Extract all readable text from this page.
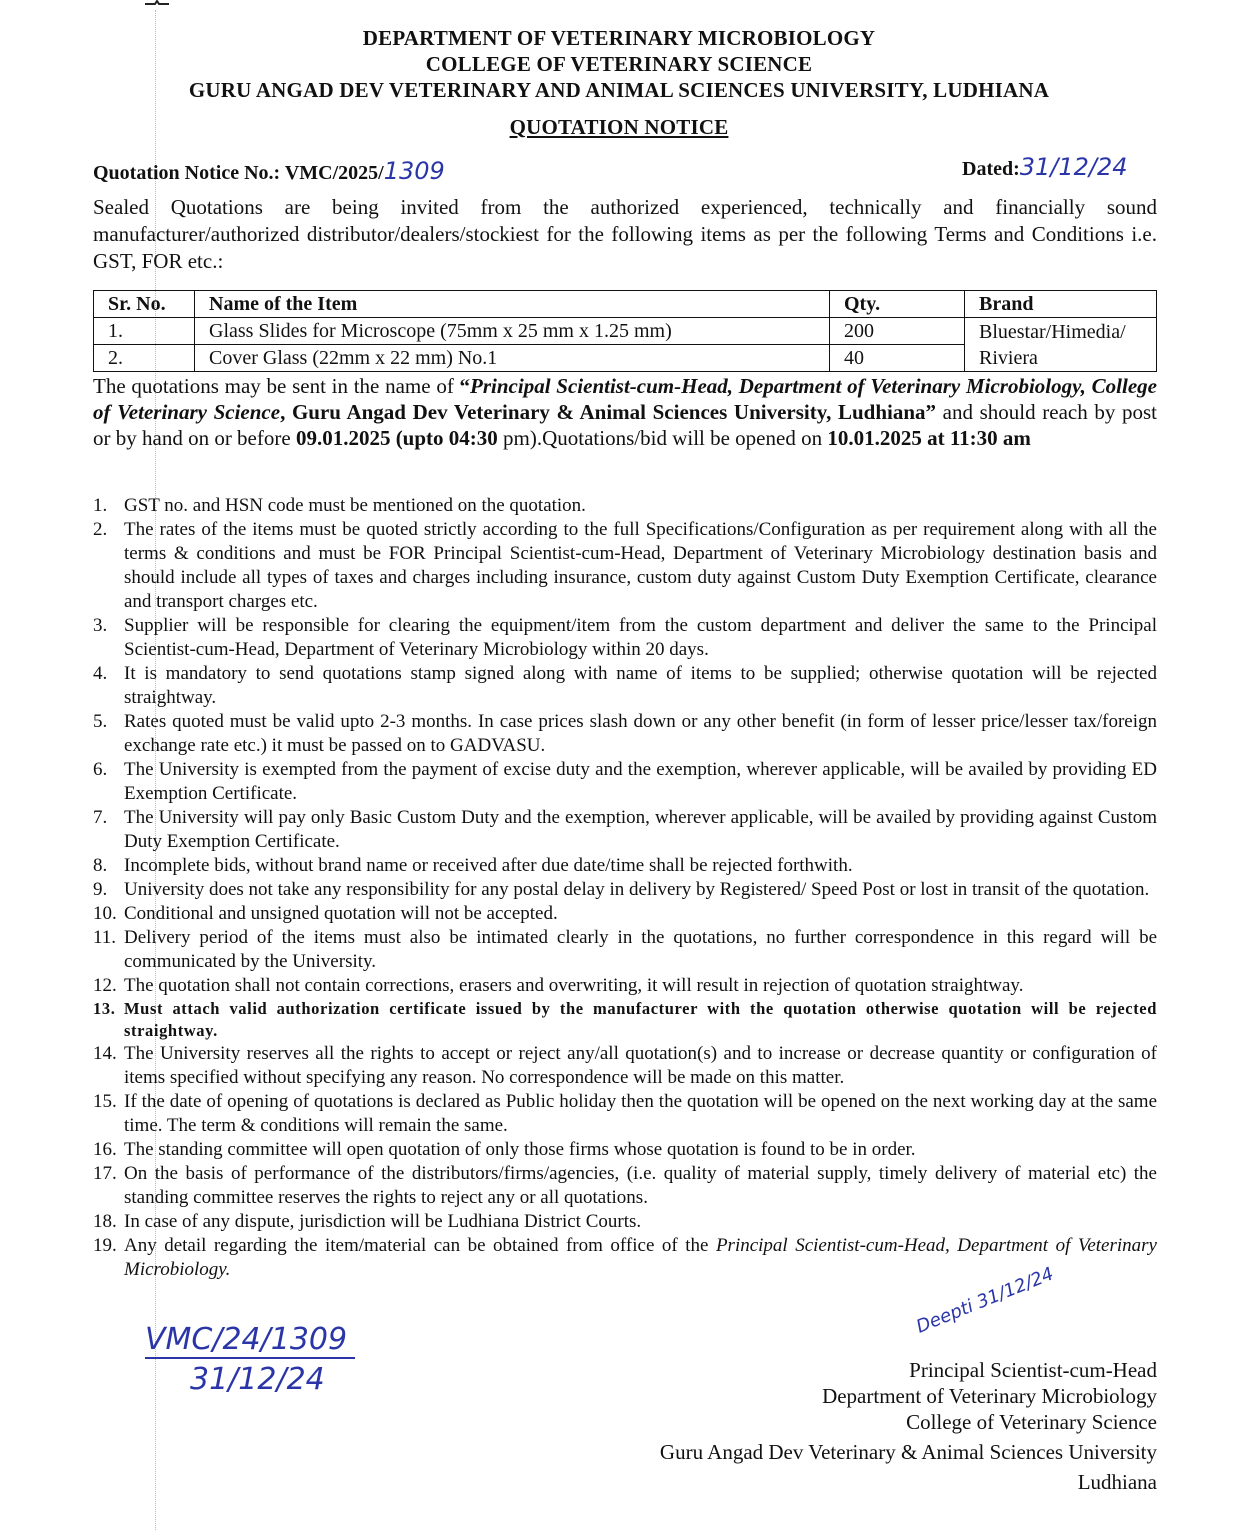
DEPARTMENT OF VETERINARY MICROBIOLOGY
COLLEGE OF VETERINARY SCIENCE
GURU ANGAD DEV VETERINARY AND ANIMAL SCIENCES UNIVERSITY, LUDHIANA
QUOTATION NOTICE
Quotation Notice No.: VMC/2025/1309	Dated:31/12/24
Sealed Quotations are being invited from the authorized experienced, technically and financially sound manufacturer/authorized distributor/dealers/stockiest for the following items as per the following Terms and Conditions i.e. GST, FOR etc.:
Sr. No.	Name of the Item	Qty.	Brand
1.	Glass Slides for Microscope (75mm x 25 mm x 1.25 mm)	200	Bluestar/Himedia/
Riviera

2.	Cover Glass (22mm x 22 mm) No.1	40	
The quotations may be sent in the name of “Principal Scientist-cum-Head, Department of Veterinary Microbiology, College of Veterinary Science, Guru Angad Dev Veterinary & Animal Sciences University, Ludhiana” and should reach by post or by hand on or before 09.01.2025 (upto 04:30 pm).Quotations/bid will be opened on 10.01.2025 at 11:30 am
1. GST no. and HSN code must be mentioned on the quotation.
2. The rates of the items must be quoted strictly according to the full Specifications/Configuration as per requirement along with all the terms & conditions and must be FOR Principal Scientist-cum-Head, Department of Veterinary Microbiology destination basis and should include all types of taxes and charges including insurance, custom duty against Custom Duty Exemption Certificate, clearance and transport charges etc.
3. Supplier will be responsible for clearing the equipment/item from the custom department and deliver the same to the Principal Scientist-cum-Head, Department of Veterinary Microbiology within 20 days.
4. It is mandatory to send quotations stamp signed along with name of items to be supplied; otherwise quotation will be rejected straightway.
5. Rates quoted must be valid upto 2-3 months. In case prices slash down or any other benefit (in form of lesser price/lesser tax/foreign exchange rate etc.) it must be passed on to GADVASU.
6. The University is exempted from the payment of excise duty and the exemption, wherever applicable, will be availed by providing ED Exemption Certificate.
7. The University will pay only Basic Custom Duty and the exemption, wherever applicable, will be availed by providing against Custom Duty Exemption Certificate.
8. Incomplete bids, without brand name or received after due date/time shall be rejected forthwith.
9. University does not take any responsibility for any postal delay in delivery by Registered/ Speed Post or lost in transit of the quotation.
10. Conditional and unsigned quotation will not be accepted.
11. Delivery period of the items must also be intimated clearly in the quotations, no further correspondence in this regard will be communicated by the University.
12. The quotation shall not contain corrections, erasers and overwriting, it will result in rejection of quotation straightway.
13. Must attach valid authorization certificate issued by the manufacturer with the quotation otherwise quotation will be rejected straightway.
14. The University reserves all the rights to accept or reject any/all quotation(s) and to increase or decrease quantity or configuration of items specified without specifying any reason. No correspondence will be made on this matter.
15. If the date of opening of quotations is declared as Public holiday then the quotation will be opened on the next working day at the same time. The term & conditions will remain the same.
16. The standing committee will open quotation of only those firms whose quotation is found to be in order.
17. On the basis of performance of the distributors/firms/agencies, (i.e. quality of material supply, timely delivery of material etc) the standing committee reserves the rights to reject any or all quotations.
18. In case of any dispute, jurisdiction will be Ludhiana District Courts.
19. Any detail regarding the item/material can be obtained from office of the Principal Scientist-cum-Head, Department of Veterinary Microbiology.
VMC/24/1309
31/12/24
Deepti 31/12/24
Principal Scientist-cum-Head
Department of Veterinary Microbiology
College of Veterinary Science
Guru Angad Dev Veterinary & Animal Sciences University
Ludhiana
